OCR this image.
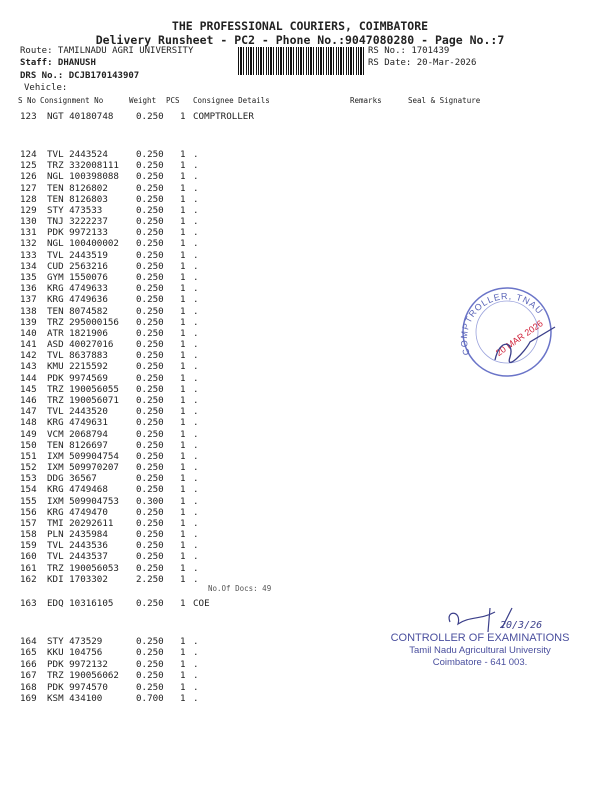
THE PROFESSIONAL COURIERS, COIMBATORE
Delivery Runsheet - PC2 - Phone No.:9047080280 - Page No.:7
Route: TAMILNADU AGRI UNIVERSITY
Staff: DHANUSH
DRS No.: DCJB170143907
Vehicle:
RS No.: 1701439
RS Date: 20-Mar-2026
S No Consignment No	Weight PCS Consignee Details	Remarks	Seal & Signature
123 NGT 40180748 0.250 1 COMPTROLLER
124 TVL 2443524	0.250 1 .
125 TRZ 332008111 0.250 1 .
126 NGL 100398088 0.250 1 .
127 TEN 8126802	0.250 1 .
128 TEN 8126803	0.250 1 .
129 STY 473533	0.250 1 .
130 TNJ 3222237	0.250 1 .
131 PDK 9972133	0.250 1 .
132 NGL 100400002 0.250 1 .
133 TVL 2443519	0.250 1 .
134 CUD 2563216	0.250 1 .
135 GYM 1550076	0.250 1 .
136 KRG 4749633	0.250 1 .
137 KRG 4749636	0.250 1 .
138 TEN 8074582	0.250 1 .
139 TRZ 295000156 0.250 1 .
140 ATR 1821906	0.250 1 .
141 ASD 40027016 0.250 1 .
142 TVL 8637883	0.250 1 .
143 KMU 2215592	0.250 1 .
144 PDK 9974569	0.250 1 .
145 TRZ 190056055 0.250 1 .
146 TRZ 190056071 0.250 1 .
147 TVL 2443520	0.250 1 .
148 KRG 4749631	0.250 1 .
149 VCM 2068794	0.250 1 .
150 TEN 8126697	0.250 1 .
151 IXM 509904754 0.250 1 .
152 IXM 509970207 0.250 1 .
153 DDG 36567	0.250 1 .
154 KRG 4749468	0.250 1 .
155 IXM 509904753 0.300 1 .
156 KRG 4749470	0.250 1 .
157 TMI 20292611 0.250 1 .
158 PLN 2435984	0.250 1 .
159 TVL 2443536	0.250 1 .
160 TVL 2443537	0.250 1 .
161 TRZ 190056053 0.250 1 .
162 KDI 1703302	2.250 1 .
163 EDQ 10316105 0.250 1 COE
164 STY 473529	0.250 1 .
165 KKU 104756	0.250 1 .
166 PDK 9972132	0.250 1 .
167 TRZ 190056062 0.250 1 .
168 PDK 9974570	0.250 1 .
169 KSM 434100	0.700 1 .
No.Of Docs: 49
COMPTROLLER, TNAU
20 MAR 2026
20/3/26
CONTROLLER OF EXAMINATIONS
Tamil Nadu Agricultural University
Coimbatore - 641 003.
